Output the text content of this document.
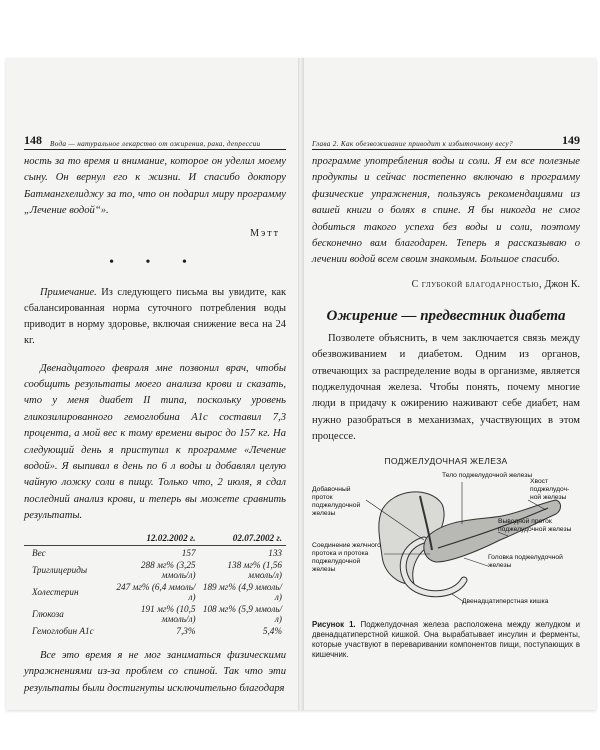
148 Вода — натуральное лекарство от ожирения, рака, депрессии

ность за то время и внимание, которое он уделил моему сыну. Он вернул его к жизни. И спасибо доктору Батмангхелиджу за то, что он подарил миру программу „Лечение водой“».

Мэтт
• • •

Примечание. Из следующего письма вы увидите, как сбалансированная норма суточного потребления воды приводит в норму здоровье, включая снижение веса на 24 кг.

Двенадцатого февраля мне позвонил врач, чтобы сообщить результаты моего анализа крови и сказать, что у меня диабет II типа, поскольку уровень гликозилированного гемоглобина A1c составил 7,3 процента, а мой вес к тому времени вырос до 157 кг. На следующий день я приступил к программе «Лечение водой». Я выпивал в день по 6 л воды и добавлял целую чайную ложку соли в пищу. Только что, 2 июля, я сдал последний анализ крови, и теперь вы можете сравнить результаты.

	12.02.2002 г.	02.07.2002 г.
Вес	157	133
Триглицериды	288 мг% (3,25 ммоль/л)	138 мг% (1,56 ммоль/л)
Холестерин	247 мг% (6,4 ммоль/л)	189 мг% (4,9 ммоль/л)
Глюкоза	191 мг% (10,5 ммоль/л)	108 мг% (5,9 ммоль/л)
Гемоглобин A1c	7,3%	5,4%

Все это время я не мог заниматься физическими упражнениями из-за проблем со спиной. Так что эти результаты были достигнуты исключительно благодаря

Глава 2. Как обезвоживание приводит к избыточному весу?	149

программе употребления воды и соли. Я ем все полезные продукты и сейчас постепенно включаю в программу физические упражнения, пользуясь рекомендациями из вашей книги о болях в спине. Я бы никогда не смог добиться такого успеха без воды и соли, поэтому бесконечно вам благодарен. Теперь я рассказываю о лечении водой всем своим знакомым. Большое спасибо.

С глубокой благодарностью, Джон К.
Ожирение — предвестник диабета

Позволете объяснить, в чем заключается связь между обезвоживанием и диабетом. Одним из органов, отвечающих за распределение воды в организме, является поджелудочная железа. Чтобы понять, почему многие люди в придачу к ожирению наживают себе диабет, нам нужно разобраться в механизмах, участвующих в этом процессе.

ПОДЖЕЛУДОЧНАЯ ЖЕЛЕЗА
Тело поджелудочной железы
Добавочный
проток
поджелудочной
железы
Хвост
поджелудоч-
ной железы
Выводной проток
поджелудочной железы
Соединение желчного
протока и протока
поджелудочной
железы
Головка поджелудочной
железы
Двенадцатиперстная кишка

Рисунок 1. Поджелудочная железа расположена между желудком и двенадцатиперстной кишкой. Она вырабатывает инсулин и ферменты, которые участвуют в переваривании компонентов пищи, поступающих в кишечник.
